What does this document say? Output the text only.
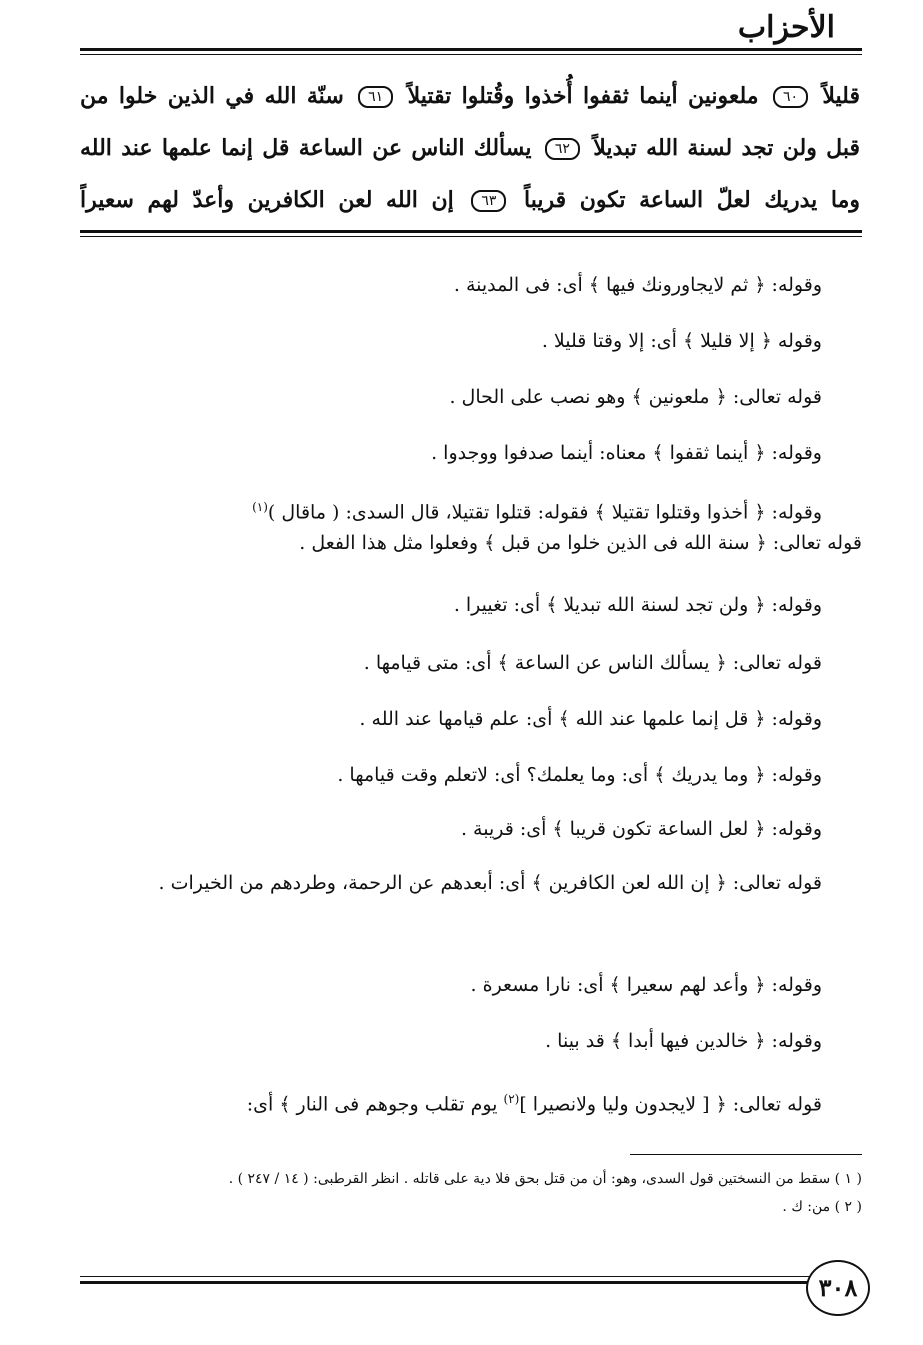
الأحزاب
قليلاً ٦٠ ملعونين أينما ثقفوا أُخذوا وقُتلوا تقتيلاً ٦١ سنّة الله في الذين خلوا من
قبل ولن تجد لسنة الله تبديلاً ٦٢ يسألك الناس عن الساعة قل إنما علمها عند الله
وما يدريك لعلّ الساعة تكون قريباً ٦٣ إن الله لعن الكافرين وأعدّ لهم سعيراً
وقوله: ﴿ ثم لايجاورونك فيها ﴾ أى: فى المدينة .
وقوله ﴿ إلا قليلا ﴾ أى: إلا وقتا قليلا .
قوله تعالى: ﴿ ملعونين ﴾ وهو نصب على الحال .
وقوله: ﴿ أينما ثقفوا ﴾ معناه: أينما صدفوا ووجدوا .
وقوله: ﴿ أخذوا وقتلوا تقتيلا ﴾ فقوله: قتلوا تقتيلا، قال السدى: ( ماقال )$^{(١)}$
قوله تعالى: ﴿ سنة الله فى الذين خلوا من قبل ﴾ وفعلوا مثل هذا الفعل .
وقوله: ﴿ ولن تجد لسنة الله تبديلا ﴾ أى: تغييرا .
قوله تعالى: ﴿ يسألك الناس عن الساعة ﴾ أى: متى قيامها .
وقوله: ﴿ قل إنما علمها عند الله ﴾ أى: علم قيامها عند الله .
وقوله: ﴿ وما يدريك ﴾ أى: وما يعلمك؟ أى: لاتعلم وقت قيامها .
وقوله: ﴿ لعل الساعة تكون قريبا ﴾ أى: قريبة .
قوله تعالى: ﴿ إن الله لعن الكافرين ﴾ أى: أبعدهم عن الرحمة، وطردهم من الخيرات .
وقوله: ﴿ وأعد لهم سعيرا ﴾ أى: نارا مسعرة .
وقوله: ﴿ خالدين فيها أبدا ﴾ قد بينا .
قوله تعالى: ﴿ [ لايجدون وليا ولانصيرا ]$^{(٢)}$ يوم تقلب وجوهم فى النار ﴾ أى:
( ١ ) سقط من النسختين قول السدى، وهو: أن من قتل بحق فلا دية على قاتله . انظر القرطبى: ( ١٤ / ٢٤٧ ) .
( ٢ ) من: ك .
٣٠٨
